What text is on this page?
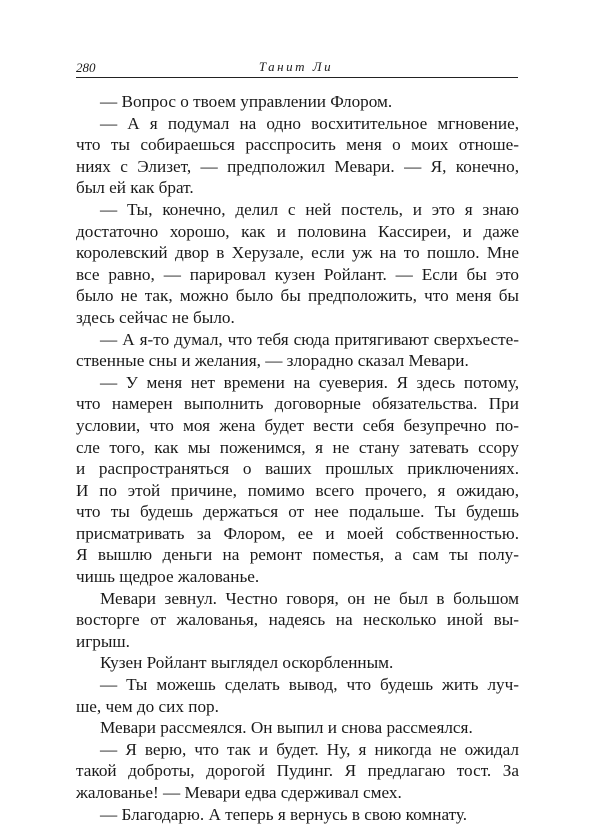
280	Танит Ли
— Вопрос о твоем управлении Флором.
— А я подумал на одно восхитительное мгновение,
что ты собираешься расспросить меня о моих отноше-
ниях с Элизет, — предположил Мевари. — Я, конечно,
был ей как брат.
— Ты, конечно, делил с ней постель, и это я знаю
достаточно хорошо, как и половина Кассиреи, и даже
королевский двор в Херузале, если уж на то пошло. Мне
все равно, — парировал кузен Ройлант. — Если бы это
было не так, можно было бы предположить, что меня бы
здесь сейчас не было.
— А я-то думал, что тебя сюда притягивают сверхъесте-
ственные сны и желания, — злорадно сказал Мевари.
— У меня нет времени на суеверия. Я здесь потому,
что намерен выполнить договорные обязательства. При
условии, что моя жена будет вести себя безупречно по-
сле того, как мы поженимся, я не стану затевать ссору
и распространяться о ваших прошлых приключениях.
И по этой причине, помимо всего прочего, я ожидаю,
что ты будешь держаться от нее подальше. Ты будешь
присматривать за Флором, ее и моей собственностью.
Я вышлю деньги на ремонт поместья, а сам ты полу-
чишь щедрое жалованье.
Мевари зевнул. Честно говоря, он не был в большом
восторге от жалованья, надеясь на несколько иной вы-
игрыш.
Кузен Ройлант выглядел оскорбленным.
— Ты можешь сделать вывод, что будешь жить луч-
ше, чем до сих пор.
Мевари рассмеялся. Он выпил и снова рассмеялся.
— Я верю, что так и будет. Ну, я никогда не ожидал
такой доброты, дорогой Пудинг. Я предлагаю тост. За
жалованье! — Мевари едва сдерживал смех.
— Благодарю. А теперь я вернусь в свою комнату.
